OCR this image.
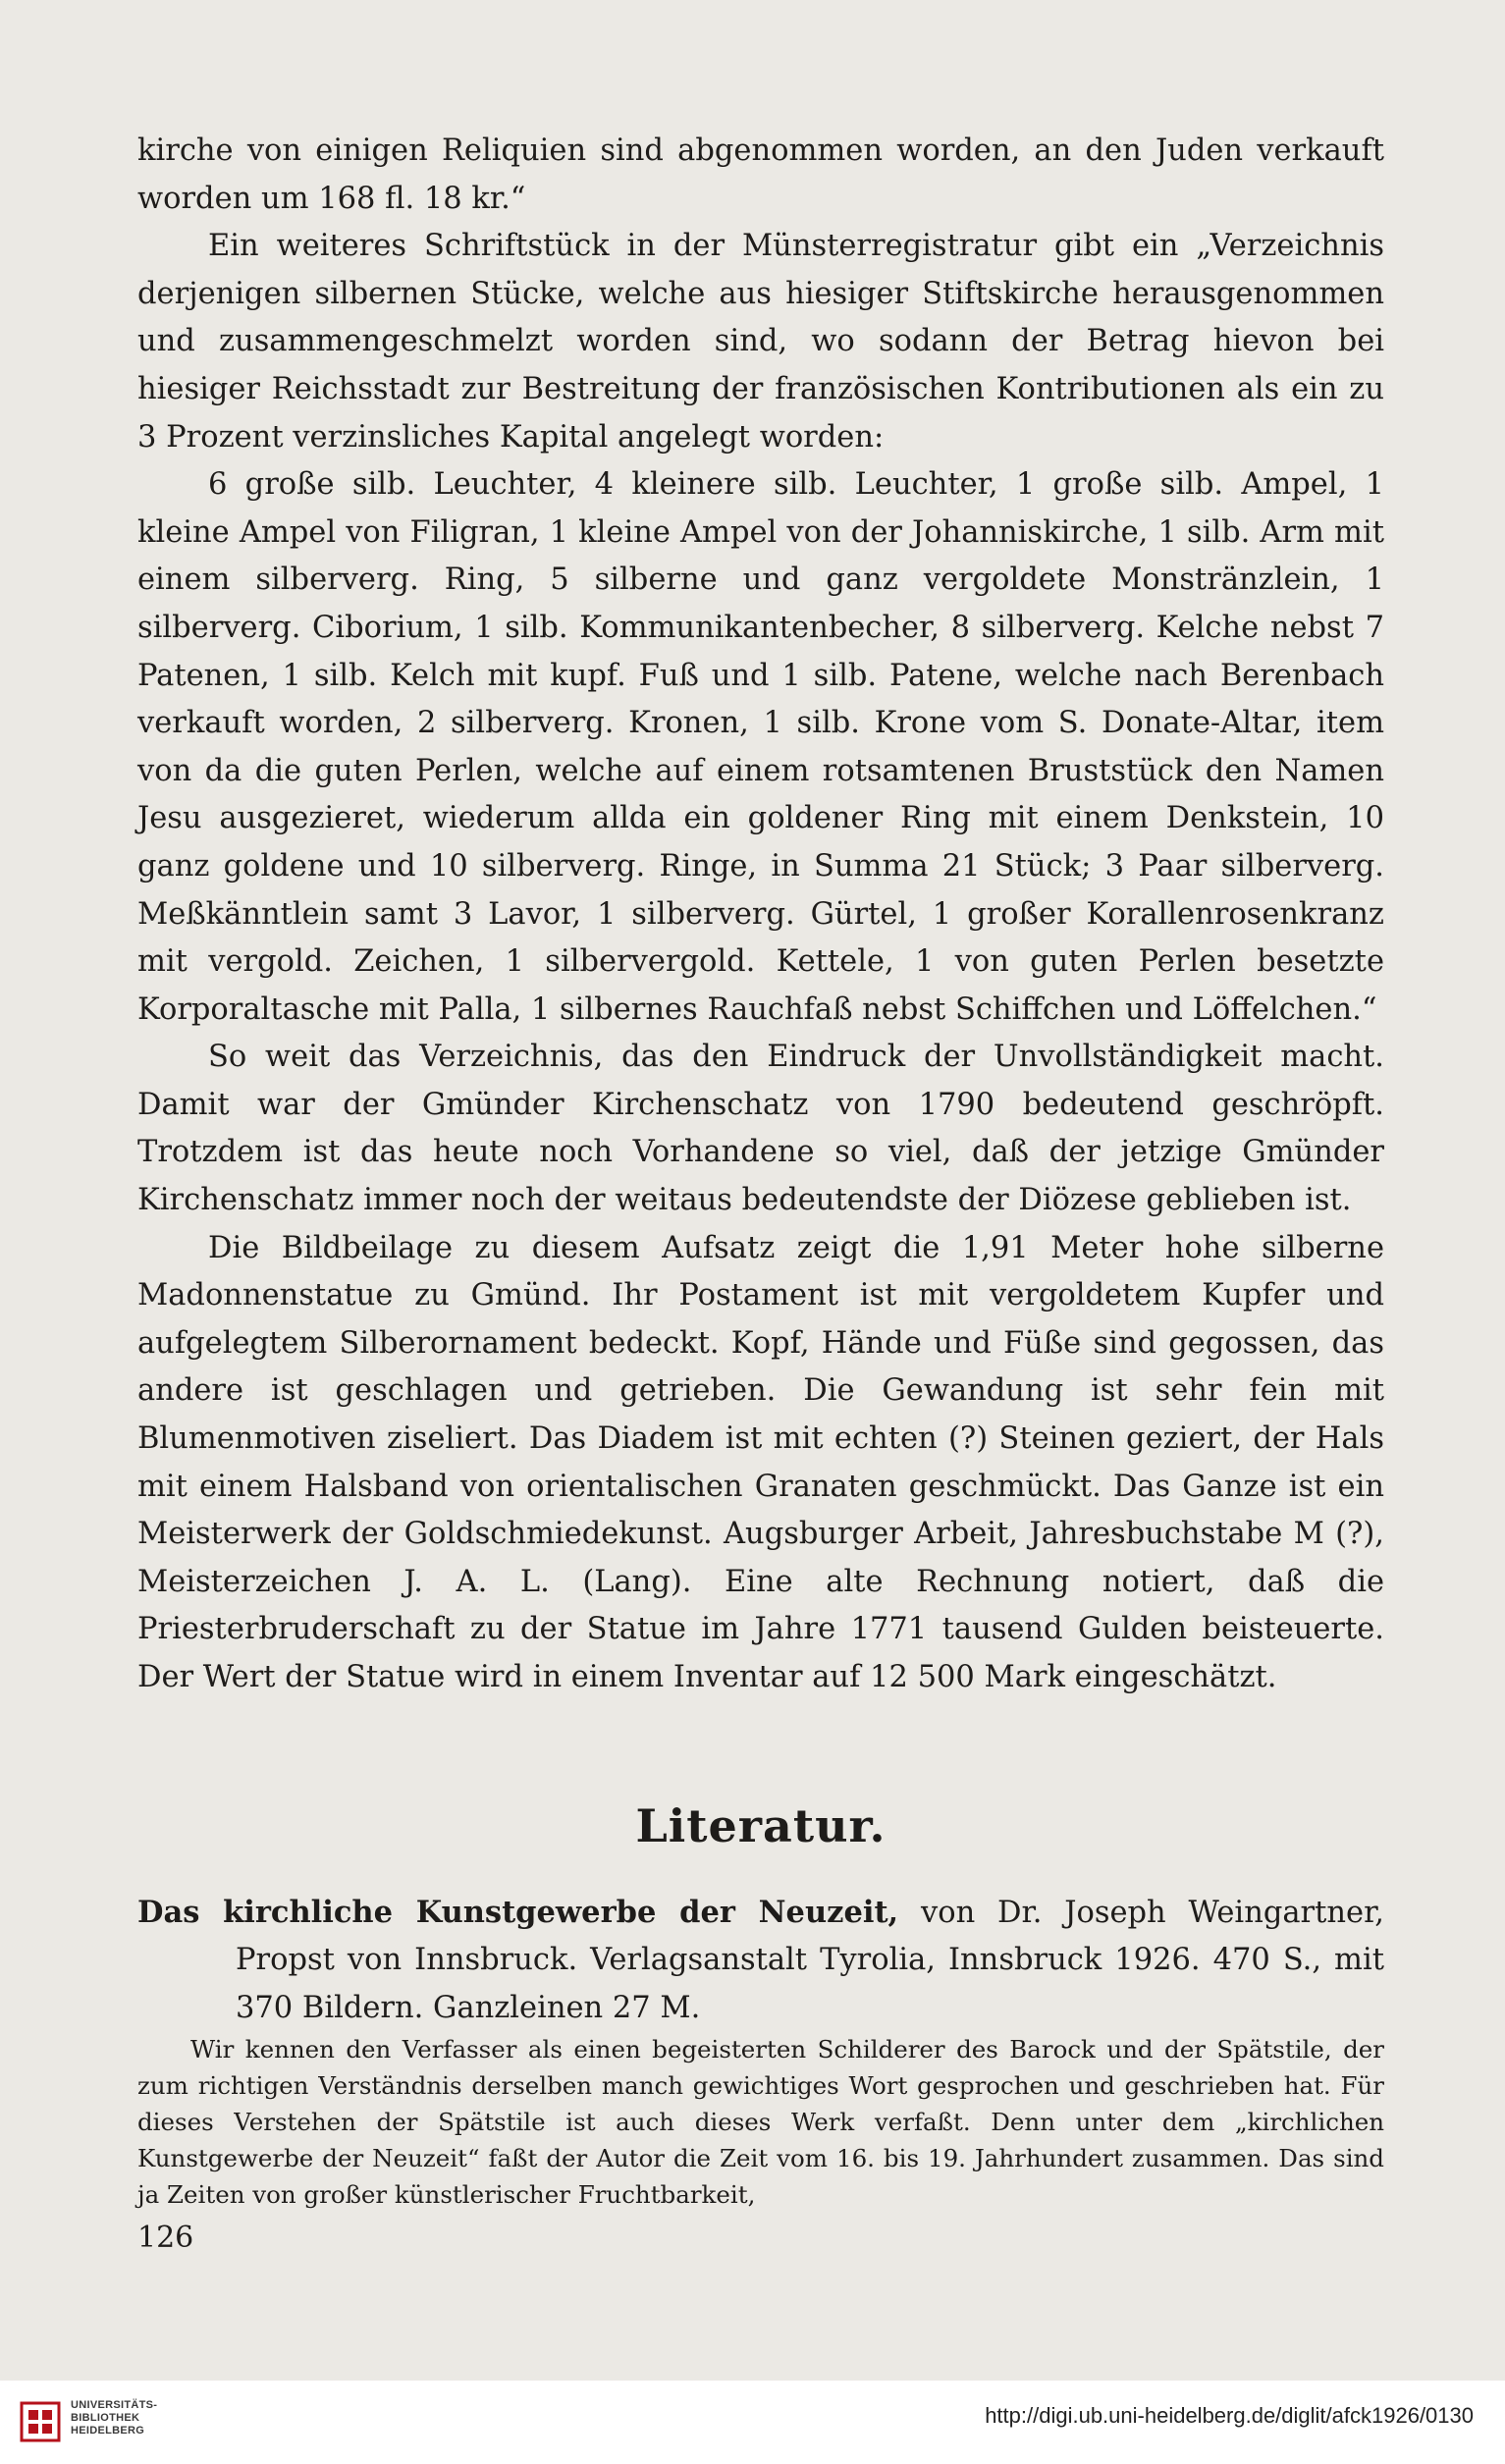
kirche von einigen Reliquien sind abgenommen worden, an den Juden verkauft worden um 168 fl. 18 kr.“

Ein weiteres Schriftstück in der Münsterregistratur gibt ein „Verzeichnis derjenigen silbernen Stücke, welche aus hiesiger Stiftskirche herausgenommen und zusammengeschmelzt worden sind, wo sodann der Betrag hievon bei hiesiger Reichsstadt zur Bestreitung der französischen Kontributionen als ein zu 3 Prozent verzinsliches Kapital angelegt worden:

6 große silb. Leuchter, 4 kleinere silb. Leuchter, 1 große silb. Ampel, 1 kleine Ampel von Filigran, 1 kleine Ampel von der Johanniskirche, 1 silb. Arm mit einem silberverg. Ring, 5 silberne und ganz vergoldete Monstränzlein, 1 silberverg. Ciborium, 1 silb. Kommunikantenbecher, 8 silberverg. Kelche nebst 7 Patenen, 1 silb. Kelch mit kupf. Fuß und 1 silb. Patene, welche nach Berenbach verkauft worden, 2 silberverg. Kronen, 1 silb. Krone vom S. Donate-Altar, item von da die guten Perlen, welche auf einem rotsamtenen Bruststück den Namen Jesu ausgezieret, wiederum allda ein goldener Ring mit einem Denkstein, 10 ganz goldene und 10 silberverg. Ringe, in Summa 21 Stück; 3 Paar silberverg. Meßkänntlein samt 3 Lavor, 1 silberverg. Gürtel, 1 großer Korallenrosenkranz mit vergold. Zeichen, 1 silbervergold. Kettele, 1 von guten Perlen besetzte Korporaltasche mit Palla, 1 silbernes Rauchfaß nebst Schiffchen und Löffelchen.“

So weit das Verzeichnis, das den Eindruck der Unvollständigkeit macht. Damit war der Gmünder Kirchenschatz von 1790 bedeutend geschröpft. Trotzdem ist das heute noch Vorhandene so viel, daß der jetzige Gmünder Kirchenschatz immer noch der weitaus bedeutendste der Diözese geblieben ist.

Die Bildbeilage zu diesem Aufsatz zeigt die 1,91 Meter hohe silberne Madonnenstatue zu Gmünd. Ihr Postament ist mit vergoldetem Kupfer und aufgelegtem Silberornament bedeckt. Kopf, Hände und Füße sind gegossen, das andere ist geschlagen und getrieben. Die Gewandung ist sehr fein mit Blumenmotiven ziseliert. Das Diadem ist mit echten (?) Steinen geziert, der Hals mit einem Halsband von orientalischen Granaten geschmückt. Das Ganze ist ein Meisterwerk der Goldschmiedekunst. Augsburger Arbeit, Jahresbuchstabe M (?), Meisterzeichen J. A. L. (Lang). Eine alte Rechnung notiert, daß die Priesterbruderschaft zu der Statue im Jahre 1771 tausend Gulden beisteuerte. Der Wert der Statue wird in einem Inventar auf 12 500 Mark eingeschätzt.

Literatur.

Das kirchliche Kunstgewerbe der Neuzeit, von Dr. Joseph Weingartner, Propst von Innsbruck. Verlagsanstalt Tyrolia, Innsbruck 1926. 470 S., mit 370 Bildern. Ganzleinen 27 M.

Wir kennen den Verfasser als einen begeisterten Schilderer des Barock und der Spätstile, der zum richtigen Verständnis derselben manch gewichtiges Wort gesprochen und geschrieben hat. Für dieses Verstehen der Spätstile ist auch dieses Werk verfaßt. Denn unter dem „kirchlichen Kunstgewerbe der Neuzeit“ faßt der Autor die Zeit vom 16. bis 19. Jahrhundert zusammen. Das sind ja Zeiten von großer künstlerischer Fruchtbarkeit,

126
UNIVERSITÄTS-
BIBLIOTHEK
HEIDELBERG
http://digi.ub.uni-heidelberg.de/diglit/afck1926/0130
